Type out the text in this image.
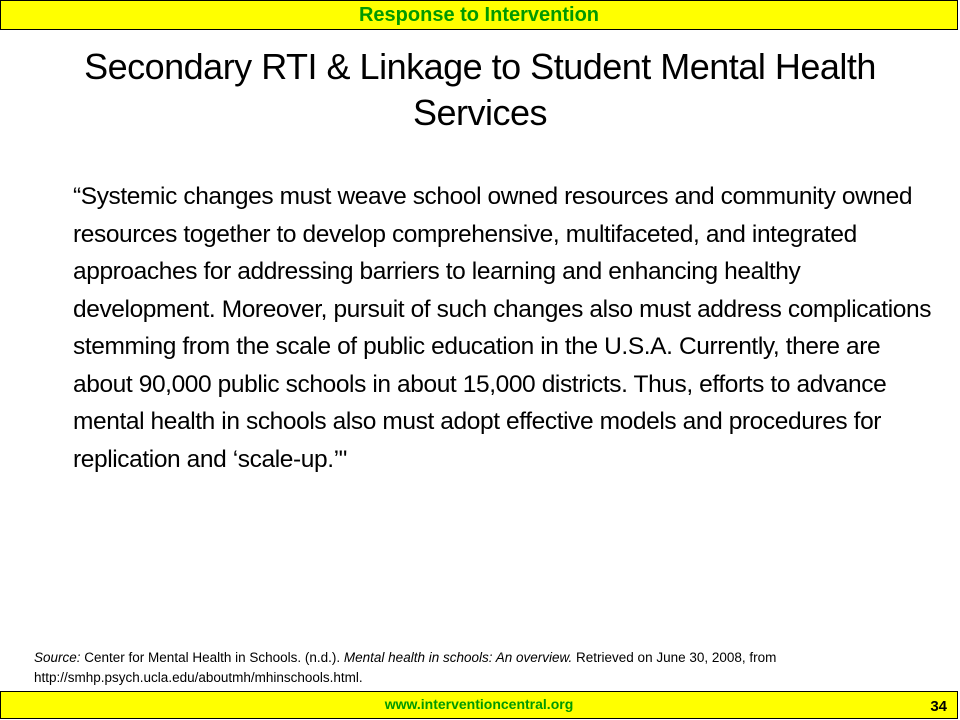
Response to Intervention
Secondary RTI & Linkage to Student Mental Health Services
“Systemic changes must weave school owned resources and community owned resources together to develop comprehensive, multifaceted, and integrated approaches for addressing barriers to learning and enhancing healthy development. Moreover, pursuit of such changes also must address complications stemming from the scale of public education in the U.S.A. Currently, there are about 90,000 public schools in about 15,000 districts. Thus, efforts to advance mental health in schools also must adopt effective models and procedures for replication and ‘scale-up.’"
Source: Center for Mental Health in Schools. (n.d.). Mental health in schools: An overview. Retrieved on June 30, 2008, from http://smhp.psych.ucla.edu/aboutmh/mhinschools.html.
www.interventioncentral.org	34
